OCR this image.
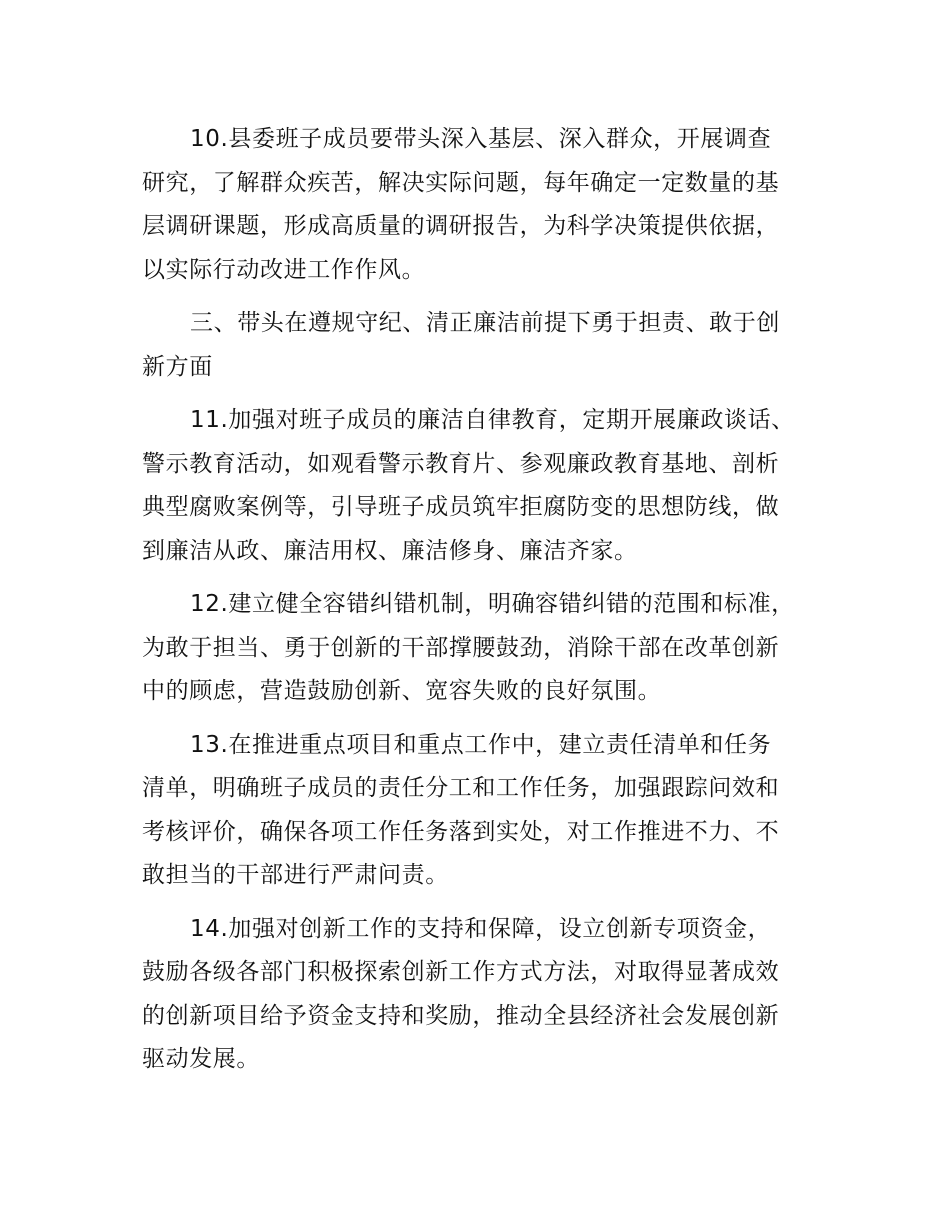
10.县委班子成员要带头深入基层、深入群众，开展调查
研究，了解群众疾苦，解决实际问题，每年确定一定数量的基
层调研课题，形成高质量的调研报告，为科学决策提供依据，
以实际行动改进工作作风。

三、带头在遵规守纪、清正廉洁前提下勇于担责、敢于创
新方面

11.加强对班子成员的廉洁自律教育，定期开展廉政谈话、
警示教育活动，如观看警示教育片、参观廉政教育基地、剖析
典型腐败案例等，引导班子成员筑牢拒腐防变的思想防线，做
到廉洁从政、廉洁用权、廉洁修身、廉洁齐家。

12.建立健全容错纠错机制，明确容错纠错的范围和标准，
为敢于担当、勇于创新的干部撑腰鼓劲，消除干部在改革创新
中的顾虑，营造鼓励创新、宽容失败的良好氛围。

13.在推进重点项目和重点工作中，建立责任清单和任务
清单，明确班子成员的责任分工和工作任务，加强跟踪问效和
考核评价，确保各项工作任务落到实处，对工作推进不力、不
敢担当的干部进行严肃问责。

14.加强对创新工作的支持和保障，设立创新专项资金，
鼓励各级各部门积极探索创新工作方式方法，对取得显著成效
的创新项目给予资金支持和奖励，推动全县经济社会发展创新
驱动发展。
